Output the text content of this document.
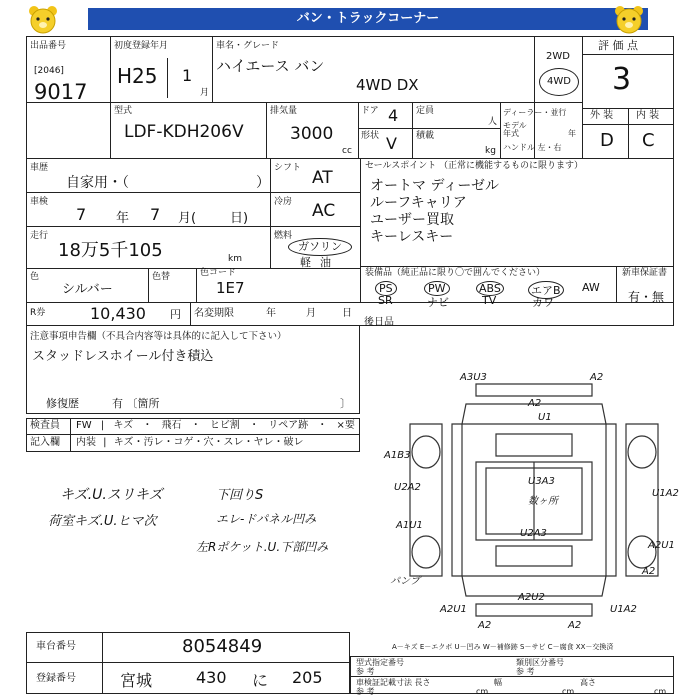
バン・トラックコーナー
出品番号
[2046]
9017
初度登録年月
H25 1
月
車名・グレード
ハイエース バン
4WD DX
2WD
4WD
評 価 点
3
外 装 内 装
D C
型式
LDF-KDH206V
排気量
3000
cc
ドア 4
形状 V
定員
人
積載
kg
ディーラー・並行
モデル 年式	年
ハンドル 左・右
車歴
自家用・（	）
シフト AT
車検
7 年 7 月(	日)
冷房 AC
走行
18万5千105	km
燃料
ガソリン
軽 油
色
シルバー
色替	色コード
1E7
セールスポイント （正常に機能するものに限ります）
オートマ ディーゼル
ルーフキャリア
ユーザー買取
キーレスキー
装備品（純正品に限り〇で囲んでください）
PS	PW	ABS	エアB AW
SR	ナビ	TV	カワ
新車保証書
有・無
R券	10,430 円 名変期限	年	月	日
後日品
注意事項申告欄（不具合内容等は具体的に記入して下さい）
スタッドレスホイール付き積込
修復歴	有 〔箇所	〕
検査員
記入欄
FW | キズ ・ 飛石 ・ ヒビ割 ・ リペア跡 ・ ×要
内装 | キズ・汚レ・コゲ・穴・スレ・ヤレ・破レ
キズ.U.スリキズ
荷室キズ.U.ヒマ次
下回りS
エレ-ドパネル凹み
左Rポケット.U.下部凹み
A3U3	A2
A2
U1
A1B3
U2A2
U3A3
数ヶ所
U1A2
U2A3
A2U1
A2U1	U1A2
A1U1
A2U2
A2	A2
A2
パンプ
A－キズ E－エクボ U－凹み W－補修跡 S－サビ C－腐食 XX－交換済
車台番号	8054849
登録番号	宮城	430 に 205
型式指定番号
参 考
類別区分番号
参 考
車検証記載寸法 長さ
参 考	cm
幅
cm
高さ
cm
